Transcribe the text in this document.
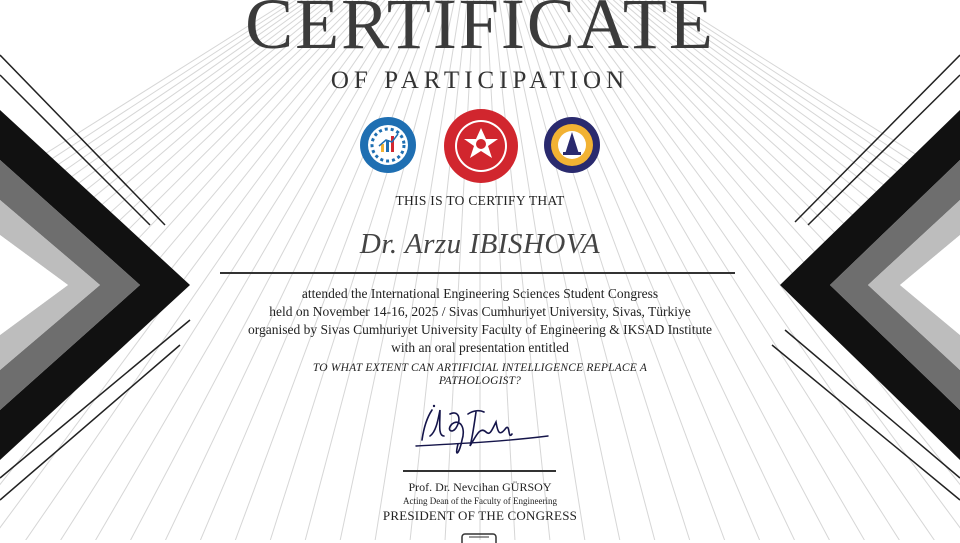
CERTIFICATE
OF PARTICIPATION
THIS IS TO CERTIFY THAT
Dr. Arzu IBISHOVA
attended the International Engineering Sciences Student Congress
held on November 14-16, 2025 / Sivas Cumhuriyet University, Sivas, Türkiye
organised by Sivas Cumhuriyet University Faculty of Engineering & IKSAD Institute
with an oral presentation entitled
TO WHAT EXTENT CAN ARTIFICIAL INTELLIGENCE REPLACE A
PATHOLOGIST?
Prof. Dr. Nevcihan GÜRSOY
Acting Dean of the Faculty of Engineering
PRESIDENT OF THE CONGRESS
